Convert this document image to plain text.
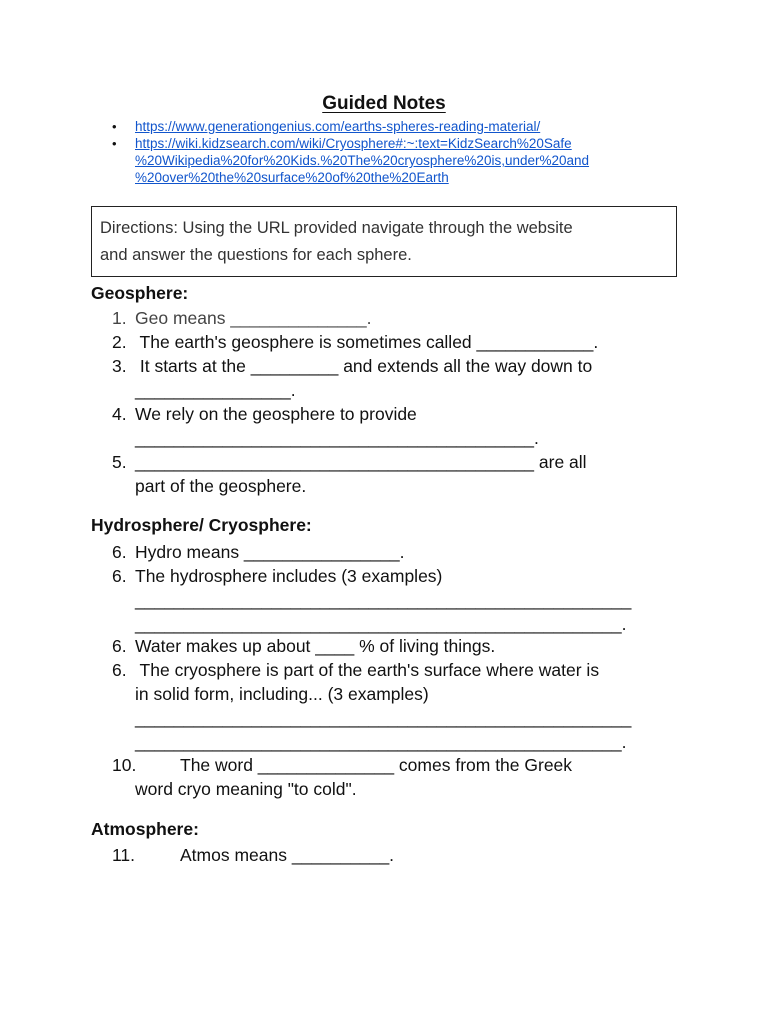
Guided Notes
• https://www.generationgenius.com/earths-spheres-reading-material/
• https://wiki.kidzsearch.com/wiki/Cryosphere#:~:text=KidzSearch%20Safe
%20Wikipedia%20for%20Kids.%20The%20cryosphere%20is,under%20and
%20over%20the%20surface%20of%20the%20Earth
Directions: Using the URL provided navigate through the website
and answer the questions for each sphere.
Geosphere:
1. Geo means ______________.
2. The earth's geosphere is sometimes called ____________.
3. It starts at the _________ and extends all the way down to
________________.
4. We rely on the geosphere to provide
_________________________________________.
5. _________________________________________ are all
part of the geosphere.
Hydrosphere/ Cryosphere:
6. Hydro means ________________.
6. The hydrosphere includes (3 examples)
___________________________________________________
__________________________________________________.
6. Water makes up about ____ % of living things.
6. The cryosphere is part of the earth's surface where water is
in solid form, including... (3 examples)
___________________________________________________
__________________________________________________.
10. The word ______________ comes from the Greek
word cryo meaning "to cold".
Atmosphere:
11.	Atmos means __________.
